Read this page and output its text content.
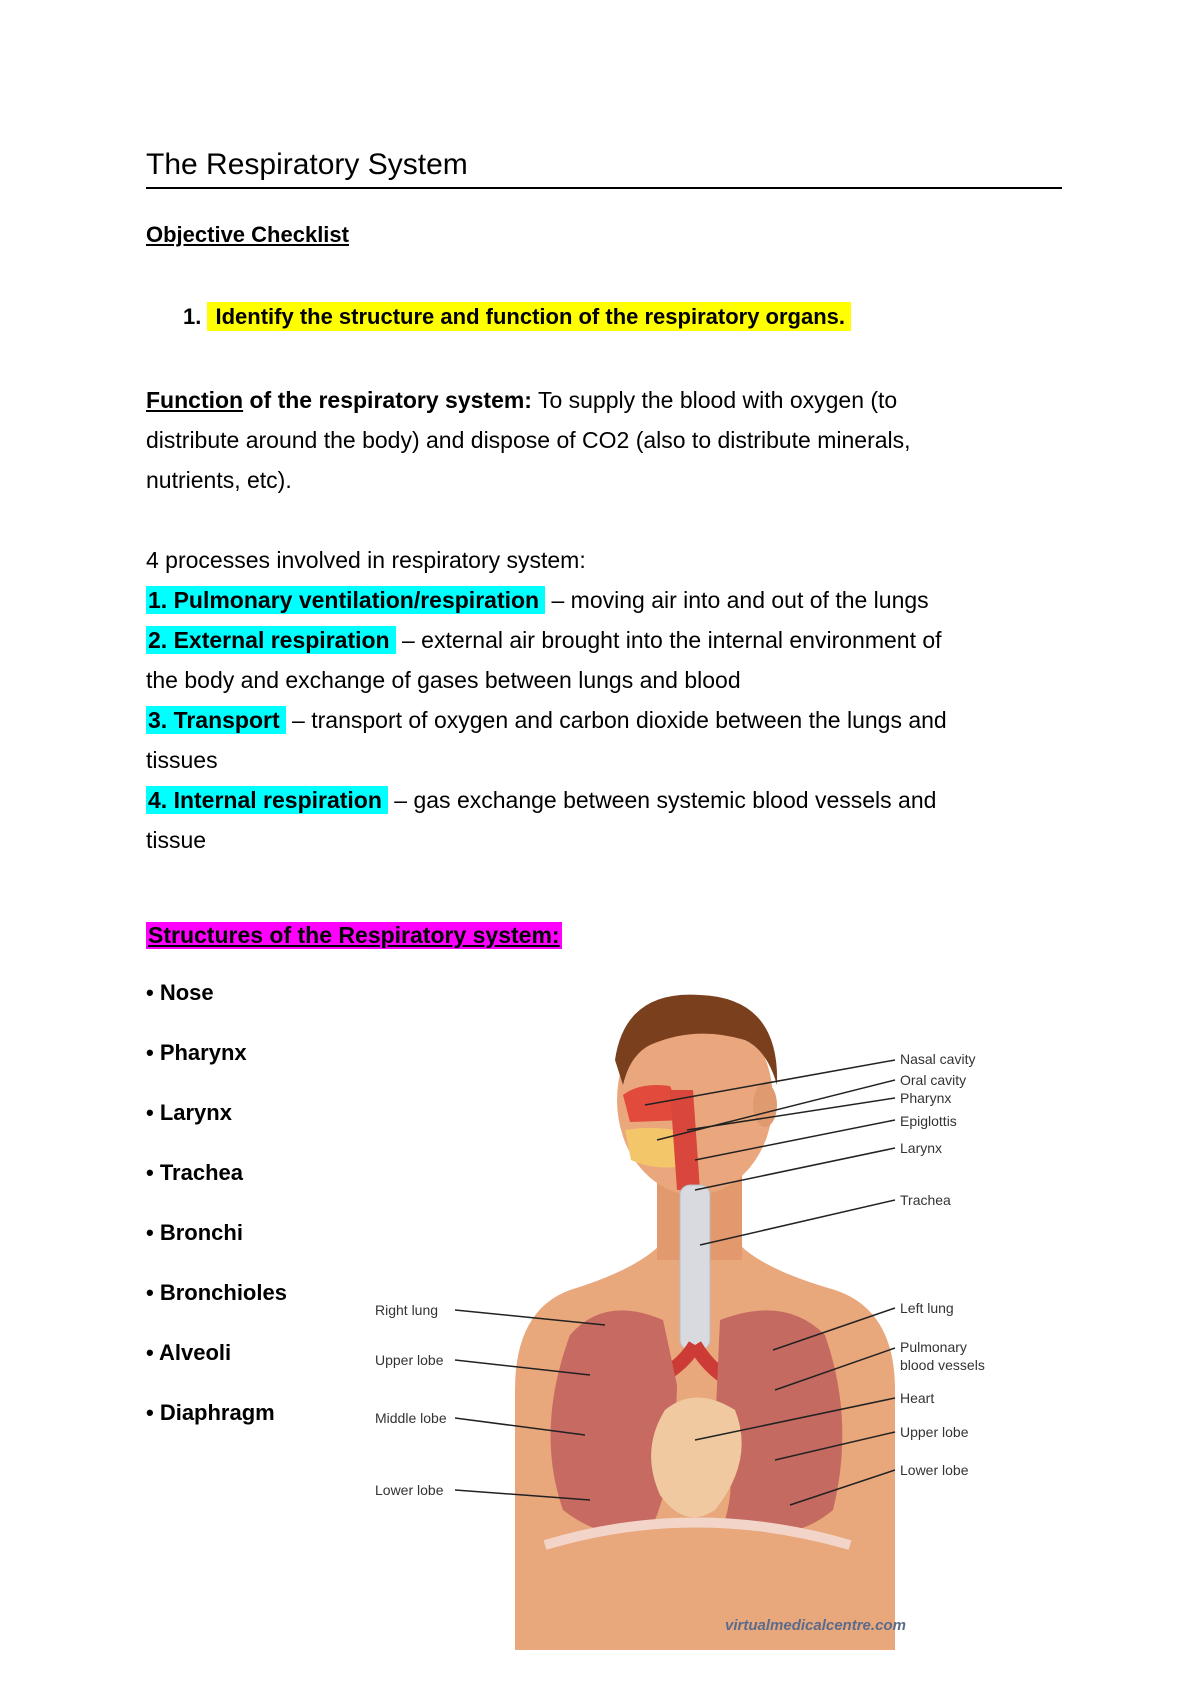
The Respiratory System
Objective Checklist
1. Identify the structure and function of the respiratory organs.
Function of the respiratory system: To supply the blood with oxygen (to
distribute around the body) and dispose of CO2 (also to distribute minerals,
nutrients, etc).
4 processes involved in respiratory system:
1. Pulmonary ventilation/respiration – moving air into and out of the lungs
2. External respiration – external air brought into the internal environment of
the body and exchange of gases between lungs and blood
3. Transport – transport of oxygen and carbon dioxide between the lungs and
tissues
4. Internal respiration – gas exchange between systemic blood vessels and
tissue
Structures of the Respiratory system:
• Nose
• Pharynx
• Larynx
• Trachea
• Bronchi
• Bronchioles
• Alveoli
• Diaphragm
Nasal cavity
Oral cavity
Pharynx
Epiglottis
Larynx
Trachea
Left lung
Pulmonary
blood vessels
Heart
Upper lobe
Lower lobe
Right lung
Upper lobe
Middle lobe
Lower lobe
virtualmedicalcentre.com
